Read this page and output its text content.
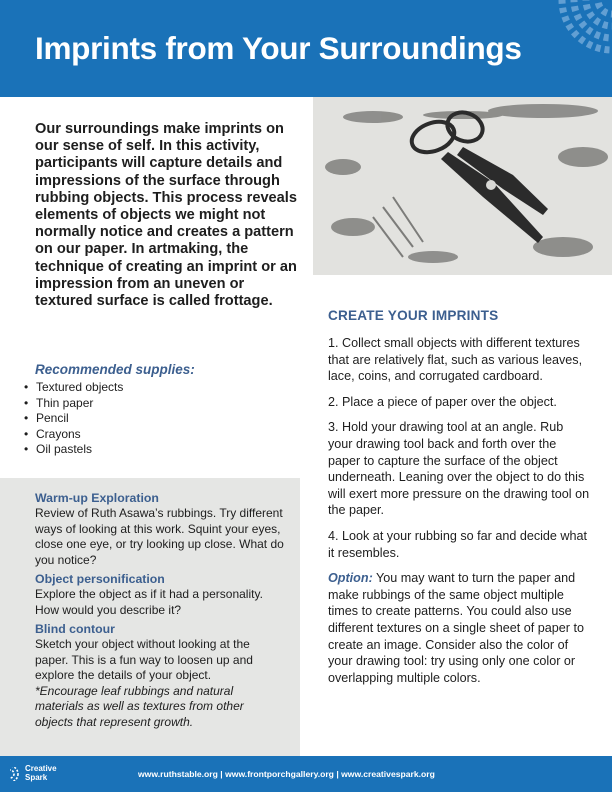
Imprints from Your Surroundings

Our surroundings make imprints on our sense of self. In this activity, participants will capture details and impressions of the surface through rubbing objects. This process reveals elements of objects we might not normally notice and creates a pattern on our paper. In artmaking, the technique of creating an imprint or an impression from an uneven or textured surface is called frottage.

Recommended supplies:

• Textured objects
• Thin paper
• Pencil
• Crayons
• Oil pastels

Warm-up Exploration

Review of Ruth Asawa’s rubbings. Try different ways of looking at this work. Squint your eyes, close one eye, or try looking up close. What do you notice?

Object personification

Explore the object as if it had a personality. How would you describe it?

Blind contour

Sketch your object without looking at the paper. This is a fun way to loosen up and explore the details of your object.

*Encourage leaf rubbings and natural materials as well as textures from other objects that represent growth.

CREATE YOUR IMPRINTS

1. Collect small objects with different textures that are relatively flat, such as various leaves, lace, coins, and corrugated cardboard.

2. Place a piece of paper over the object.

3. Hold your drawing tool at an angle. Rub your drawing tool back and forth over the paper to capture the surface of the object underneath. Leaning over the object to do this will exert more pressure on the drawing tool on the paper.

4. Look at your rubbing so far and decide what it resembles.

Option: You may want to turn the paper and make rubbings of the same object multiple times to create patterns. You could also use different textures on a single sheet of paper to create an image. Consider also the color of your drawing tool: try using only one color or overlapping multiple colors.

Creative
Spark	www.ruthstable.org | www.frontporchgallery.org | www.creativespark.org
